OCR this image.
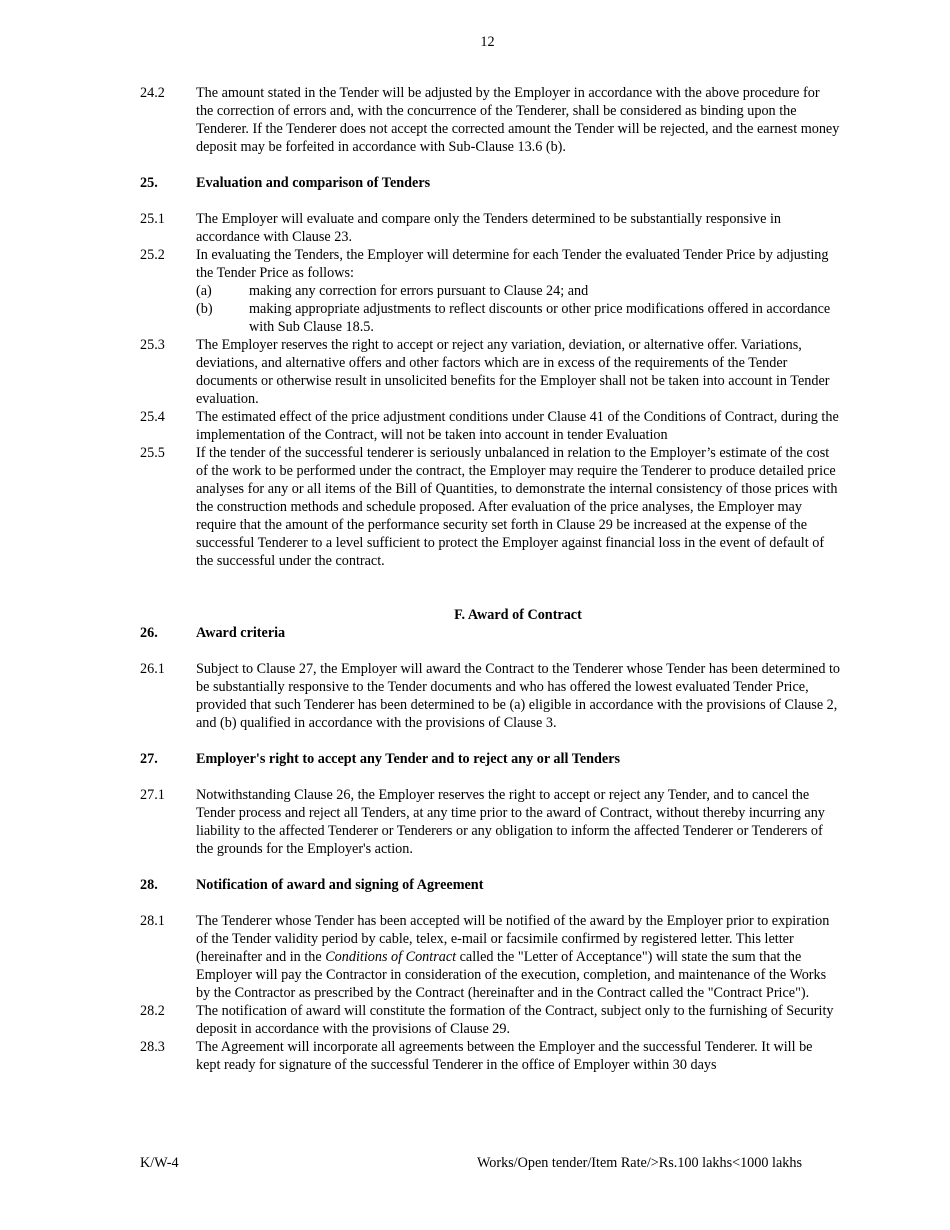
12
24.2	The amount stated in the Tender will be adjusted by the Employer in accordance with the above procedure for the correction of errors and, with the concurrence of the Tenderer, shall be considered as binding upon the Tenderer. If the Tenderer does not accept the corrected amount the Tender will be rejected, and the earnest money deposit may be forfeited in accordance with Sub-Clause 13.6 (b).
25.	Evaluation and comparison of Tenders
25.1	The Employer will evaluate and compare only the Tenders determined to be substantially responsive in accordance with Clause 23.
25.2	In evaluating the Tenders, the Employer will determine for each Tender the evaluated Tender Price by adjusting the Tender Price as follows:
(a)	making any correction for errors pursuant to Clause 24; and
(b)	making appropriate adjustments to reflect discounts or other price modifications offered in accordance with Sub Clause 18.5.
25.3	The Employer reserves the right to accept or reject any variation, deviation, or alternative offer. Variations, deviations, and alternative offers and other factors which are in excess of the requirements of the Tender documents or otherwise result in unsolicited benefits for the Employer shall not be taken into account in Tender evaluation.
25.4	The estimated effect of the price adjustment conditions under Clause 41 of the Conditions of Contract, during the implementation of the Contract, will not be taken into account in tender Evaluation
25.5	If the tender of the successful tenderer is seriously unbalanced in relation to the Employer’s estimate of the cost of the work to be performed under the contract, the Employer may require the Tenderer to produce detailed price analyses for any or all items of the Bill of Quantities, to demonstrate the internal consistency of those prices with the construction methods and schedule proposed. After evaluation of the price analyses, the Employer may require that the amount of the performance security set forth in Clause 29 be increased at the expense of the successful Tenderer to a level sufficient to protect the Employer against financial loss in the event of default of the successful under the contract.
F. Award of Contract
26.	Award criteria
26.1	Subject to Clause 27, the Employer will award the Contract to the Tenderer whose Tender has been determined to be substantially responsive to the Tender documents and who has offered the lowest evaluated Tender Price, provided that such Tenderer has been determined to be (a) eligible in accordance with the provisions of Clause 2, and (b) qualified in accordance with the provisions of Clause 3.
27.	Employer's right to accept any Tender and to reject any or all Tenders
27.1	Notwithstanding Clause 26, the Employer reserves the right to accept or reject any Tender, and to cancel the Tender process and reject all Tenders, at any time prior to the award of Contract, without thereby incurring any liability to the affected Tenderer or Tenderers or any obligation to inform the affected Tenderer or Tenderers of the grounds for the Employer's action.
28.	Notification of award and signing of Agreement
28.1	The Tenderer whose Tender has been accepted will be notified of the award by the Employer prior to expiration of the Tender validity period by cable, telex, e-mail or facsimile confirmed by registered letter. This letter (hereinafter and in the Conditions of Contract called the "Letter of Acceptance") will state the sum that the Employer will pay the Contractor in consideration of the execution, completion, and maintenance of the Works by the Contractor as prescribed by the Contract (hereinafter and in the Contract called the "Contract Price").
28.2	The notification of award will constitute the formation of the Contract, subject only to the furnishing of Security deposit in accordance with the provisions of Clause 29.
28.3	The Agreement will incorporate all agreements between the Employer and the successful Tenderer. It will be kept ready for signature of the successful Tenderer in the office of Employer within 30 days
K/W-4	Works/Open tender/Item Rate/>Rs.100 lakhs<1000 lakhs
